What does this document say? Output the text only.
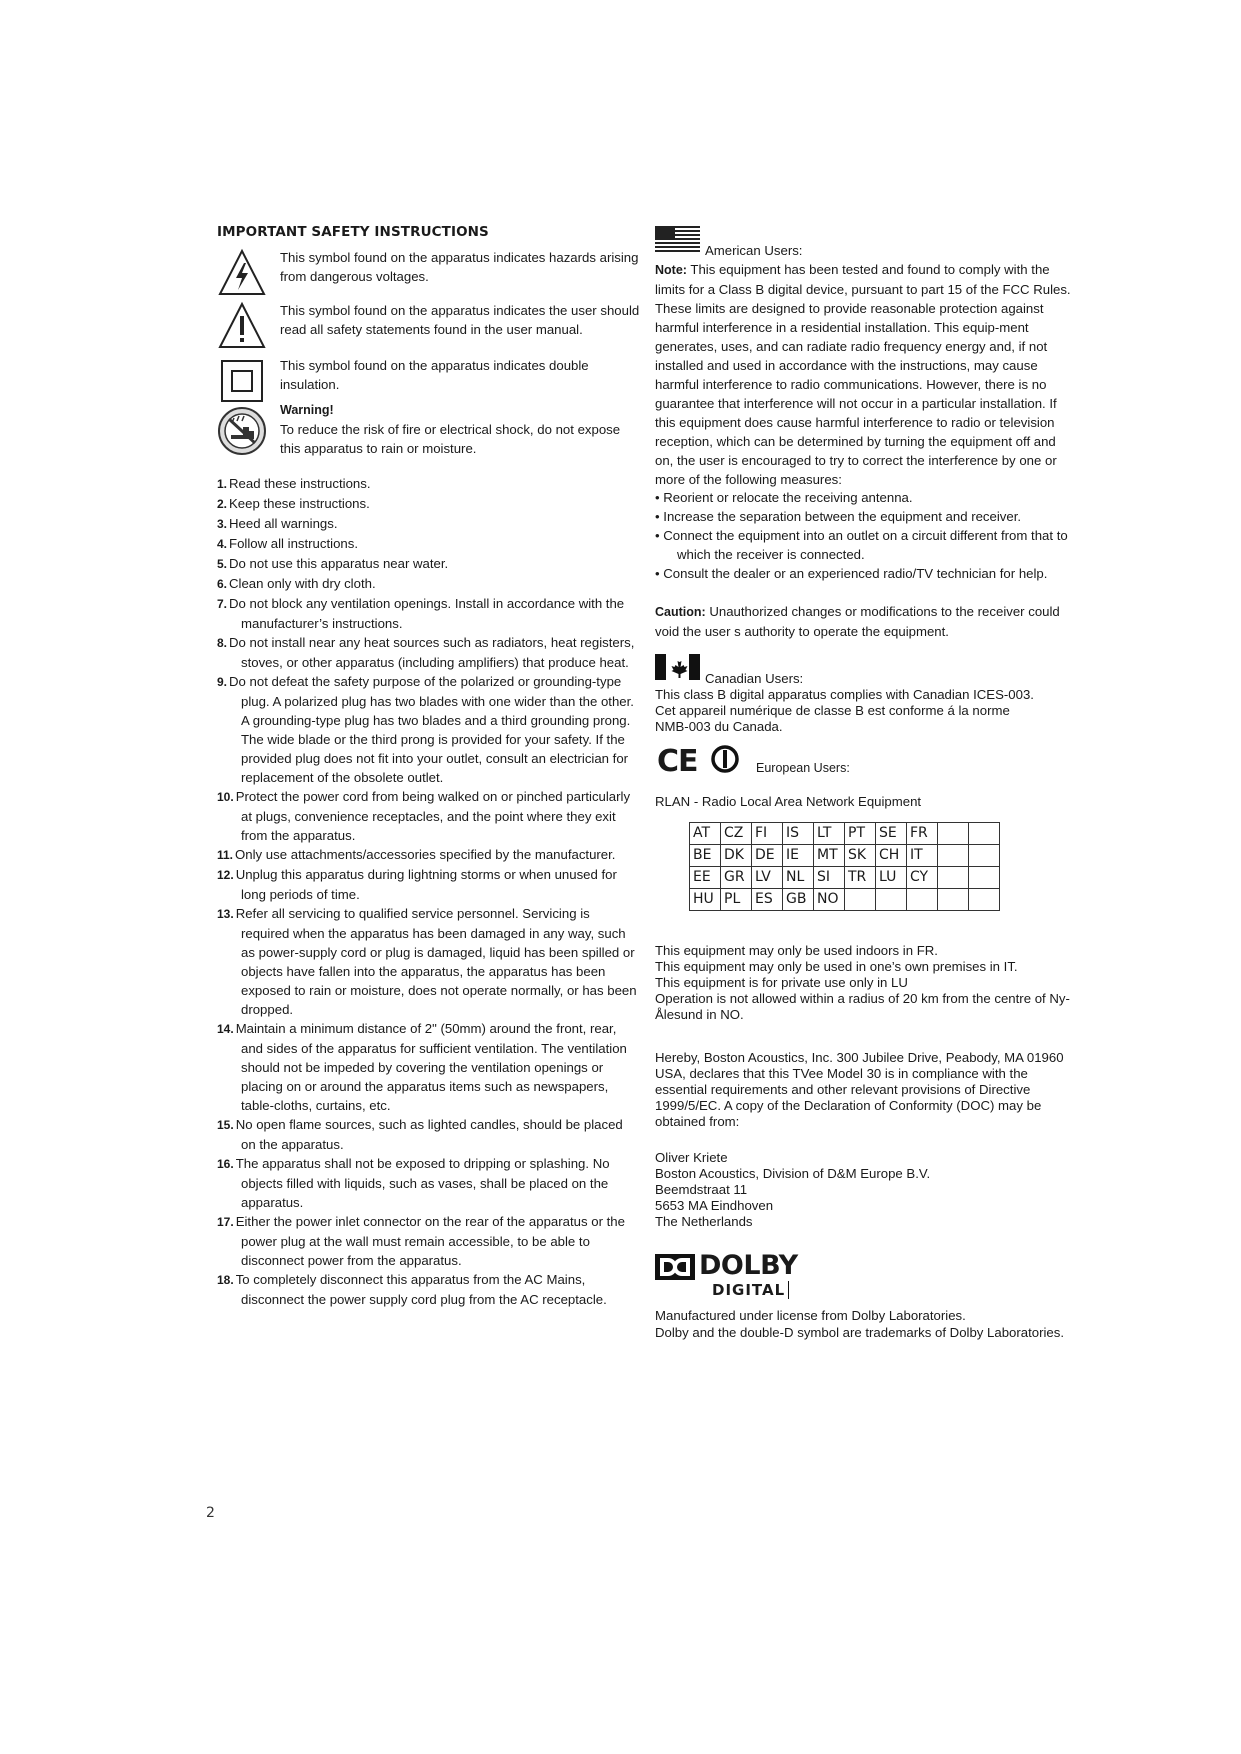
IMPORTANT SAFETY INSTRUCTIONS
This symbol found on the apparatus indicates hazards arising from dangerous voltages.
This symbol found on the apparatus indicates the user should read all safety statements found in the user manual.
This symbol found on the apparatus indicates double insulation.
Warning!
To reduce the risk of fire or electrical shock, do not expose this apparatus to rain or moisture.
1. Read these instructions.
2. Keep these instructions.
3. Heed all warnings.
4. Follow all instructions.
5. Do not use this apparatus near water.
6. Clean only with dry cloth.
7. Do not block any ventilation openings. Install in accordance with the manufacturer’s instructions.
8. Do not install near any heat sources such as radiators, heat registers, stoves, or other apparatus (including amplifiers) that produce heat.
9. Do not defeat the safety purpose of the polarized or grounding-type plug. A polarized plug has two blades with one wider than the other. A grounding-type plug has two blades and a third grounding prong. The wide blade or the third prong is provided for your safety. If the provided plug does not fit into your outlet, consult an electrician for replacement of the obsolete outlet.
10. Protect the power cord from being walked on or pinched particularly at plugs, convenience receptacles, and the point where they exit from the apparatus.
11. Only use attachments/accessories specified by the manufacturer.
12. Unplug this apparatus during lightning storms or when unused for long periods of time.
13. Refer all servicing to qualified service personnel. Servicing is required when the apparatus has been damaged in any way, such as power-supply cord or plug is damaged, liquid has been spilled or objects have fallen into the apparatus, the apparatus has been exposed to rain or moisture, does not operate normally, or has been dropped.
14. Maintain a minimum distance of 2" (50mm) around the front, rear, and sides of the apparatus for sufficient ventilation. The ventilation should not be impeded by covering the ventilation openings or placing on or around the apparatus items such as newspapers, table-cloths, curtains, etc.
15. No open flame sources, such as lighted candles, should be placed on the apparatus.
16. The apparatus shall not be exposed to dripping or splashing. No objects filled with liquids, such as vases, shall be placed on the apparatus.
17. Either the power inlet connector on the rear of the apparatus or the power plug at the wall must remain accessible, to be able to disconnect power from the apparatus.
18. To completely disconnect this apparatus from the AC Mains, disconnect the power supply cord plug from the AC receptacle.
American Users:
Note: This equipment has been tested and found to comply with the limits for a Class B digital device, pursuant to part 15 of the FCC Rules. These limits are designed to provide reasonable protection against harmful interference in a residential installation. This equip-ment generates, uses, and can radiate radio frequency energy and, if not installed and used in accordance with the instructions, may cause harmful interference to radio communications. However, there is no guarantee that interference will not occur in a particular installation. If this equipment does cause harmful interference to radio or television reception, which can be determined by turning the equipment off and on, the user is encouraged to try to correct the interference by one or more of the following measures:
• Reorient or relocate the receiving antenna.
• Increase the separation between the equipment and receiver.
• Connect the equipment into an outlet on a circuit different from that to which the receiver is connected.
• Consult the dealer or an experienced radio/TV technician for help.
Caution: Unauthorized changes or modifications to the receiver could void the user s authority to operate the equipment.
Canadian Users:
This class B digital apparatus complies with Canadian ICES-003.
Cet appareil numérique de classe B est conforme á la norme NMB-003 du Canada.
CE	European Users:
RLAN - Radio Local Area Network Equipment
AT	CZ	FI	IS	LT	PT	SE	FR		
BE	DK	DE	IE	MT	SK	CH	IT		
EE	GR	LV	NL	SI	TR	LU	CY		
HU	PL	ES	GB	NO					
This equipment may only be used indoors in FR.
This equipment may only be used in one’s own premises in IT.
This equipment is for private use only in LU
Operation is not allowed within a radius of 20 km from the centre of Ny-Ålesund in NO.
Hereby, Boston Acoustics, Inc. 300 Jubilee Drive, Peabody, MA 01960 USA, declares that this TVee Model 30 is in compliance with the essential requirements and other relevant provisions of Directive 1999/5/EC. A copy of the Declaration of Conformity (DOC) may be obtained from:
Oliver Kriete
Boston Acoustics, Division of D&M Europe B.V.
Beemdstraat 11
5653 MA Eindhoven
The Netherlands
DOLBY
DIGITAL
Manufactured under license from Dolby Laboratories.
Dolby and the double-D symbol are trademarks of Dolby Laboratories.
2
